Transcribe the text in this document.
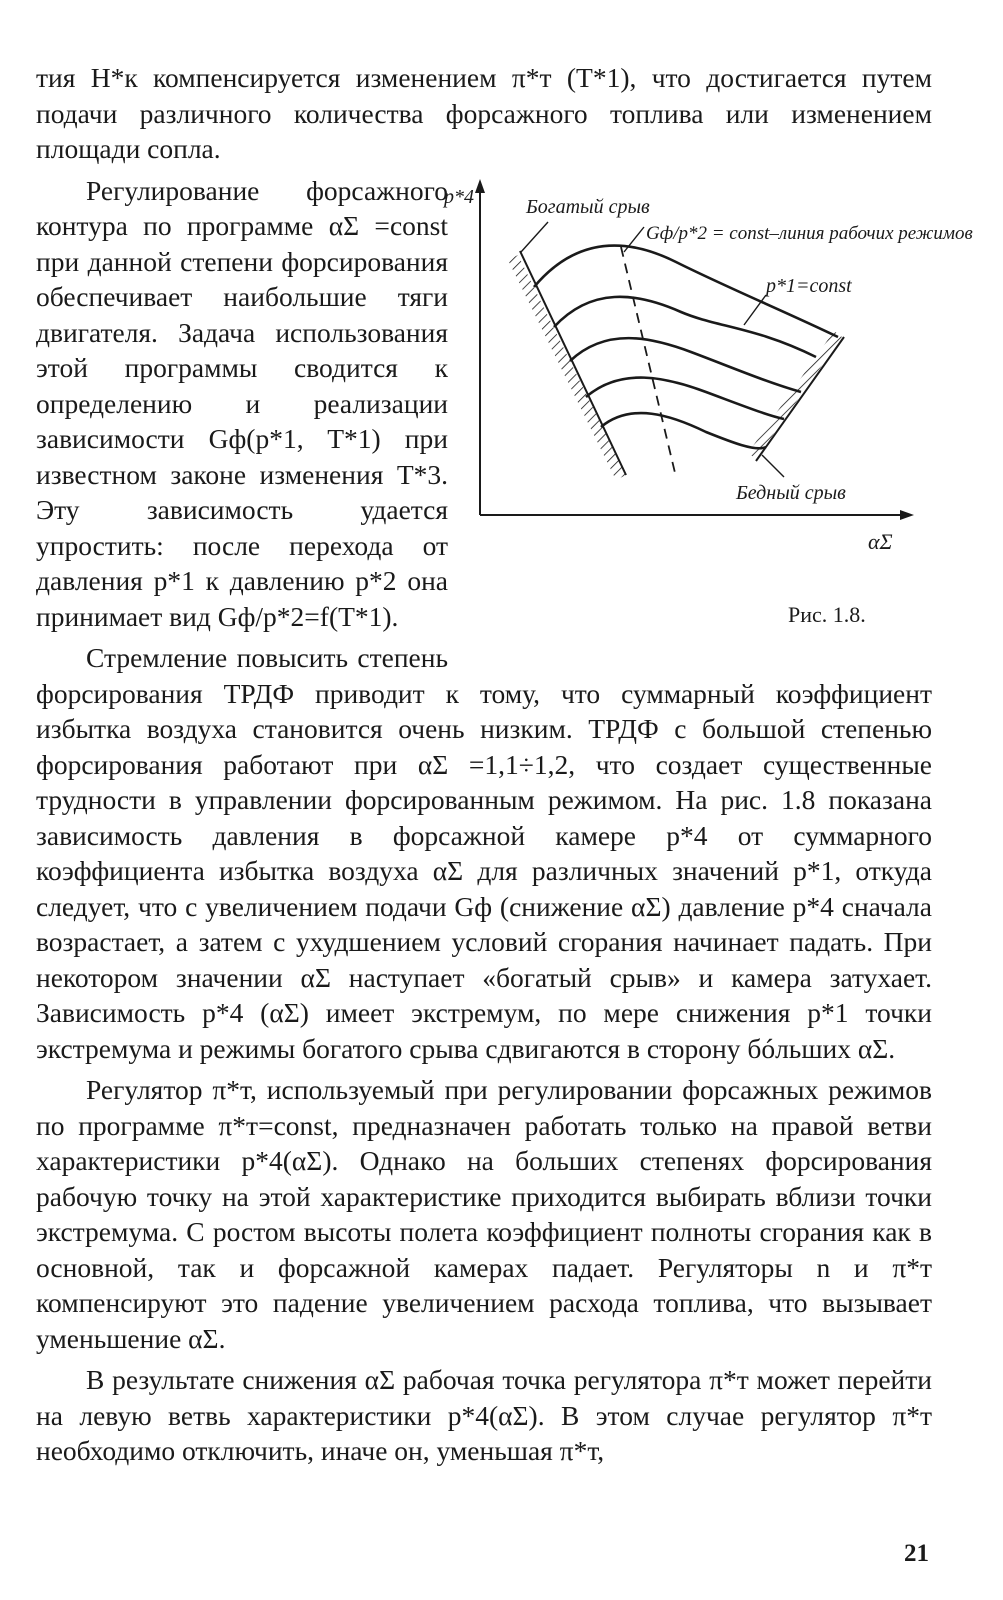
тия H*к компенсируется изменением π*т (T*1), что достигается путем подачи различного количества форсажного топлива или изменением площади сопла.

p*4
αΣ
Богатый срыв
Gф/p*2 = const–линия рабочих режимов
p*1=const
Бедный срыв
Рис. 1.8.
Регулирование форсажного контура по программе αΣ =const при данной степени форсирования обеспечивает наибольшие тяги двигателя. Задача использования этой программы сводится к определению и реализации зависимости Gф(p*1, T*1) при известном законе изменения T*3. Эту зависимость удается упростить: после перехода от давления p*1 к давлению p*2 она принимает вид Gф/p*2=f(T*1).

Стремление повысить степень форсирования ТРДФ приводит к тому, что суммарный коэффициент избытка воздуха становится очень низким. ТРДФ с большой степенью форсирования работают при αΣ =1,1÷1,2, что создает существенные трудности в управлении форсированным режимом. На рис. 1.8 показана зависимость давления в форсажной камере p*4 от суммарного коэффициента избытка воздуха αΣ для различных значений p*1, откуда следует, что с увеличением подачи Gф (снижение αΣ) давление p*4 сначала возрастает, а затем с ухудшением условий сгорания начинает падать. При некотором значении αΣ наступает «богатый срыв» и камера затухает. Зависимость p*4 (αΣ) имеет экстремум, по мере снижения p*1 точки экстремума и режимы богатого срыва сдвигаются в сторону бóльших αΣ.

Регулятор π*т, используемый при регулировании форсажных режимов по программе π*т=const, предназначен работать только на правой ветви характеристики p*4(αΣ). Однако на больших степенях форсирования рабочую точку на этой характеристике приходится выбирать вблизи точки экстремума. С ростом высоты полета коэффициент полноты сгорания как в основной, так и форсажной камерах падает. Регуляторы n и π*т компенсируют это падение увеличением расхода топлива, что вызывает уменьшение αΣ.

В результате снижения αΣ рабочая точка регулятора π*т может перейти на левую ветвь характеристики p*4(αΣ). В этом случае регулятор π*т необходимо отключить, иначе он, уменьшая π*т,

21
